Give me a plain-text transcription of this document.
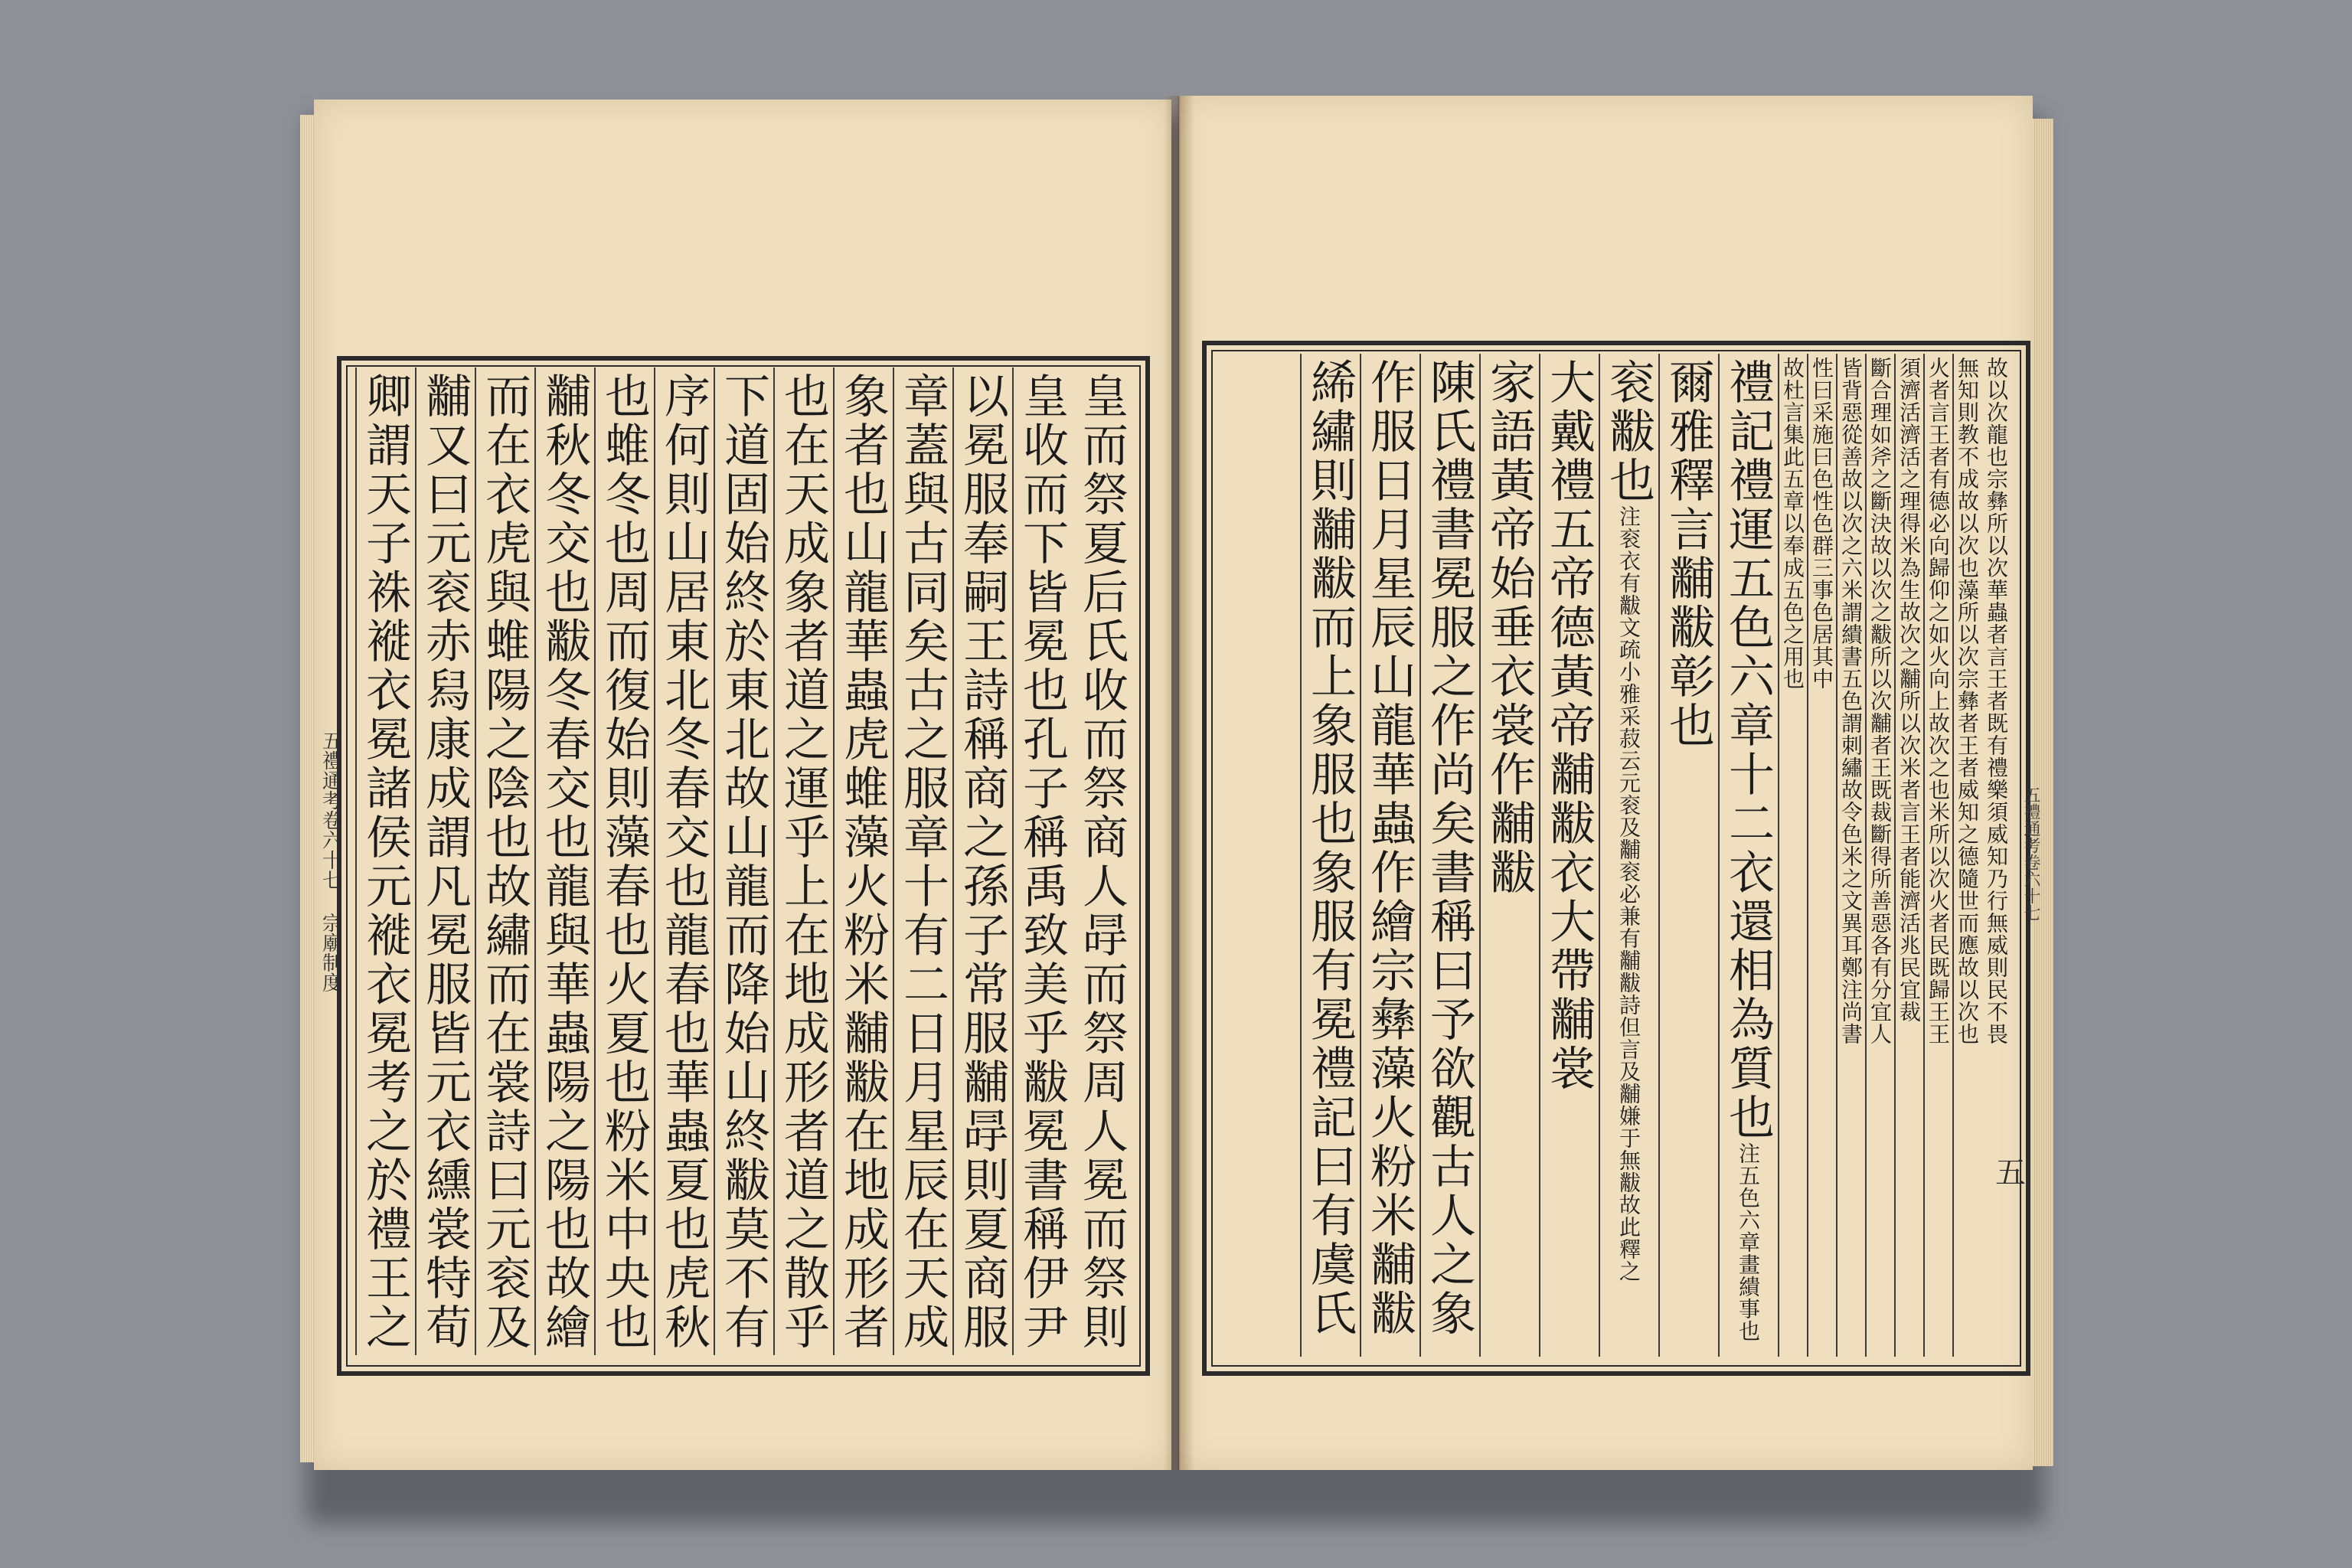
皇而祭夏后氏收而祭商人冔而祭周人冕而祭則
皇收而下皆冕也孔子稱禹致美乎黻冕書稱伊尹
以冕服奉嗣王詩稱商之孫子常服黼冔則夏商服
章蓋與古同矣古之服章十有二日月星辰在天成
象者也山龍華蟲虎蜼藻火粉米黼黻在地成形者
也在天成象者道之運乎上在地成形者道之散乎
下道固始終於東北故山龍而降始山終黻莫不有
序何則山居東北冬春交也龍春也華蟲夏也虎秋
也蜼冬也周而復始則藻春也火夏也粉米中央也
黼秋冬交也黻冬春交也龍與華蟲陽之陽也故繪
而在衣虎與蜼陽之陰也故繡而在裳詩曰元衮及
黼又曰元衮赤舄康成謂凡冕服皆元衣纁裳特荀
卿謂天子袾褷衣冕諸侯元褷衣冕考之於禮王之
五禮通考卷六十七 宗廟制度	故以次龍也宗彝所以次華蟲者言王者既有禮樂須威知乃行無威則民不畏
無知則教不成故以次也藻所以次宗彝者王者威知之德隨世而應故以次也
火者言王者有德必向歸仰之如火向上故次之也米所以次火者民既歸王王
須濟活濟活之理得米為生故次之黼所以次米者言王者能濟活兆民宜裁
斷合理如斧之斷決故以次之黻所以次黼者王既裁斷得所善惡各有分宜人
皆背惡從善故以次之六米謂繢書五色謂刺繡故令色米之文異耳鄭注尚書
性曰采施曰色性色群三事色居其中
故杜言集此五章以奉成五色之用也
禮記禮運五色六章十二衣還相為質也注五色六章畫繢事也
爾雅釋言黼黻彰也
衮黻也注衮衣有黻文疏小雅采菽云元衮及黼衮必兼有黼黻詩但言及黼嫌于無黻故此釋之
大戴禮五帝德黃帝黼黻衣大帶黼裳
家語黃帝始垂衣裳作黼黻
陳氏禮書冕服之作尚矣書稱曰予欲觀古人之象
作服日月星辰山龍華蟲作繪宗彝藻火粉米黼黻
絺繡則黼黻而上象服也象服有冕禮記曰有虞氏	五禮通考卷六十七
五
